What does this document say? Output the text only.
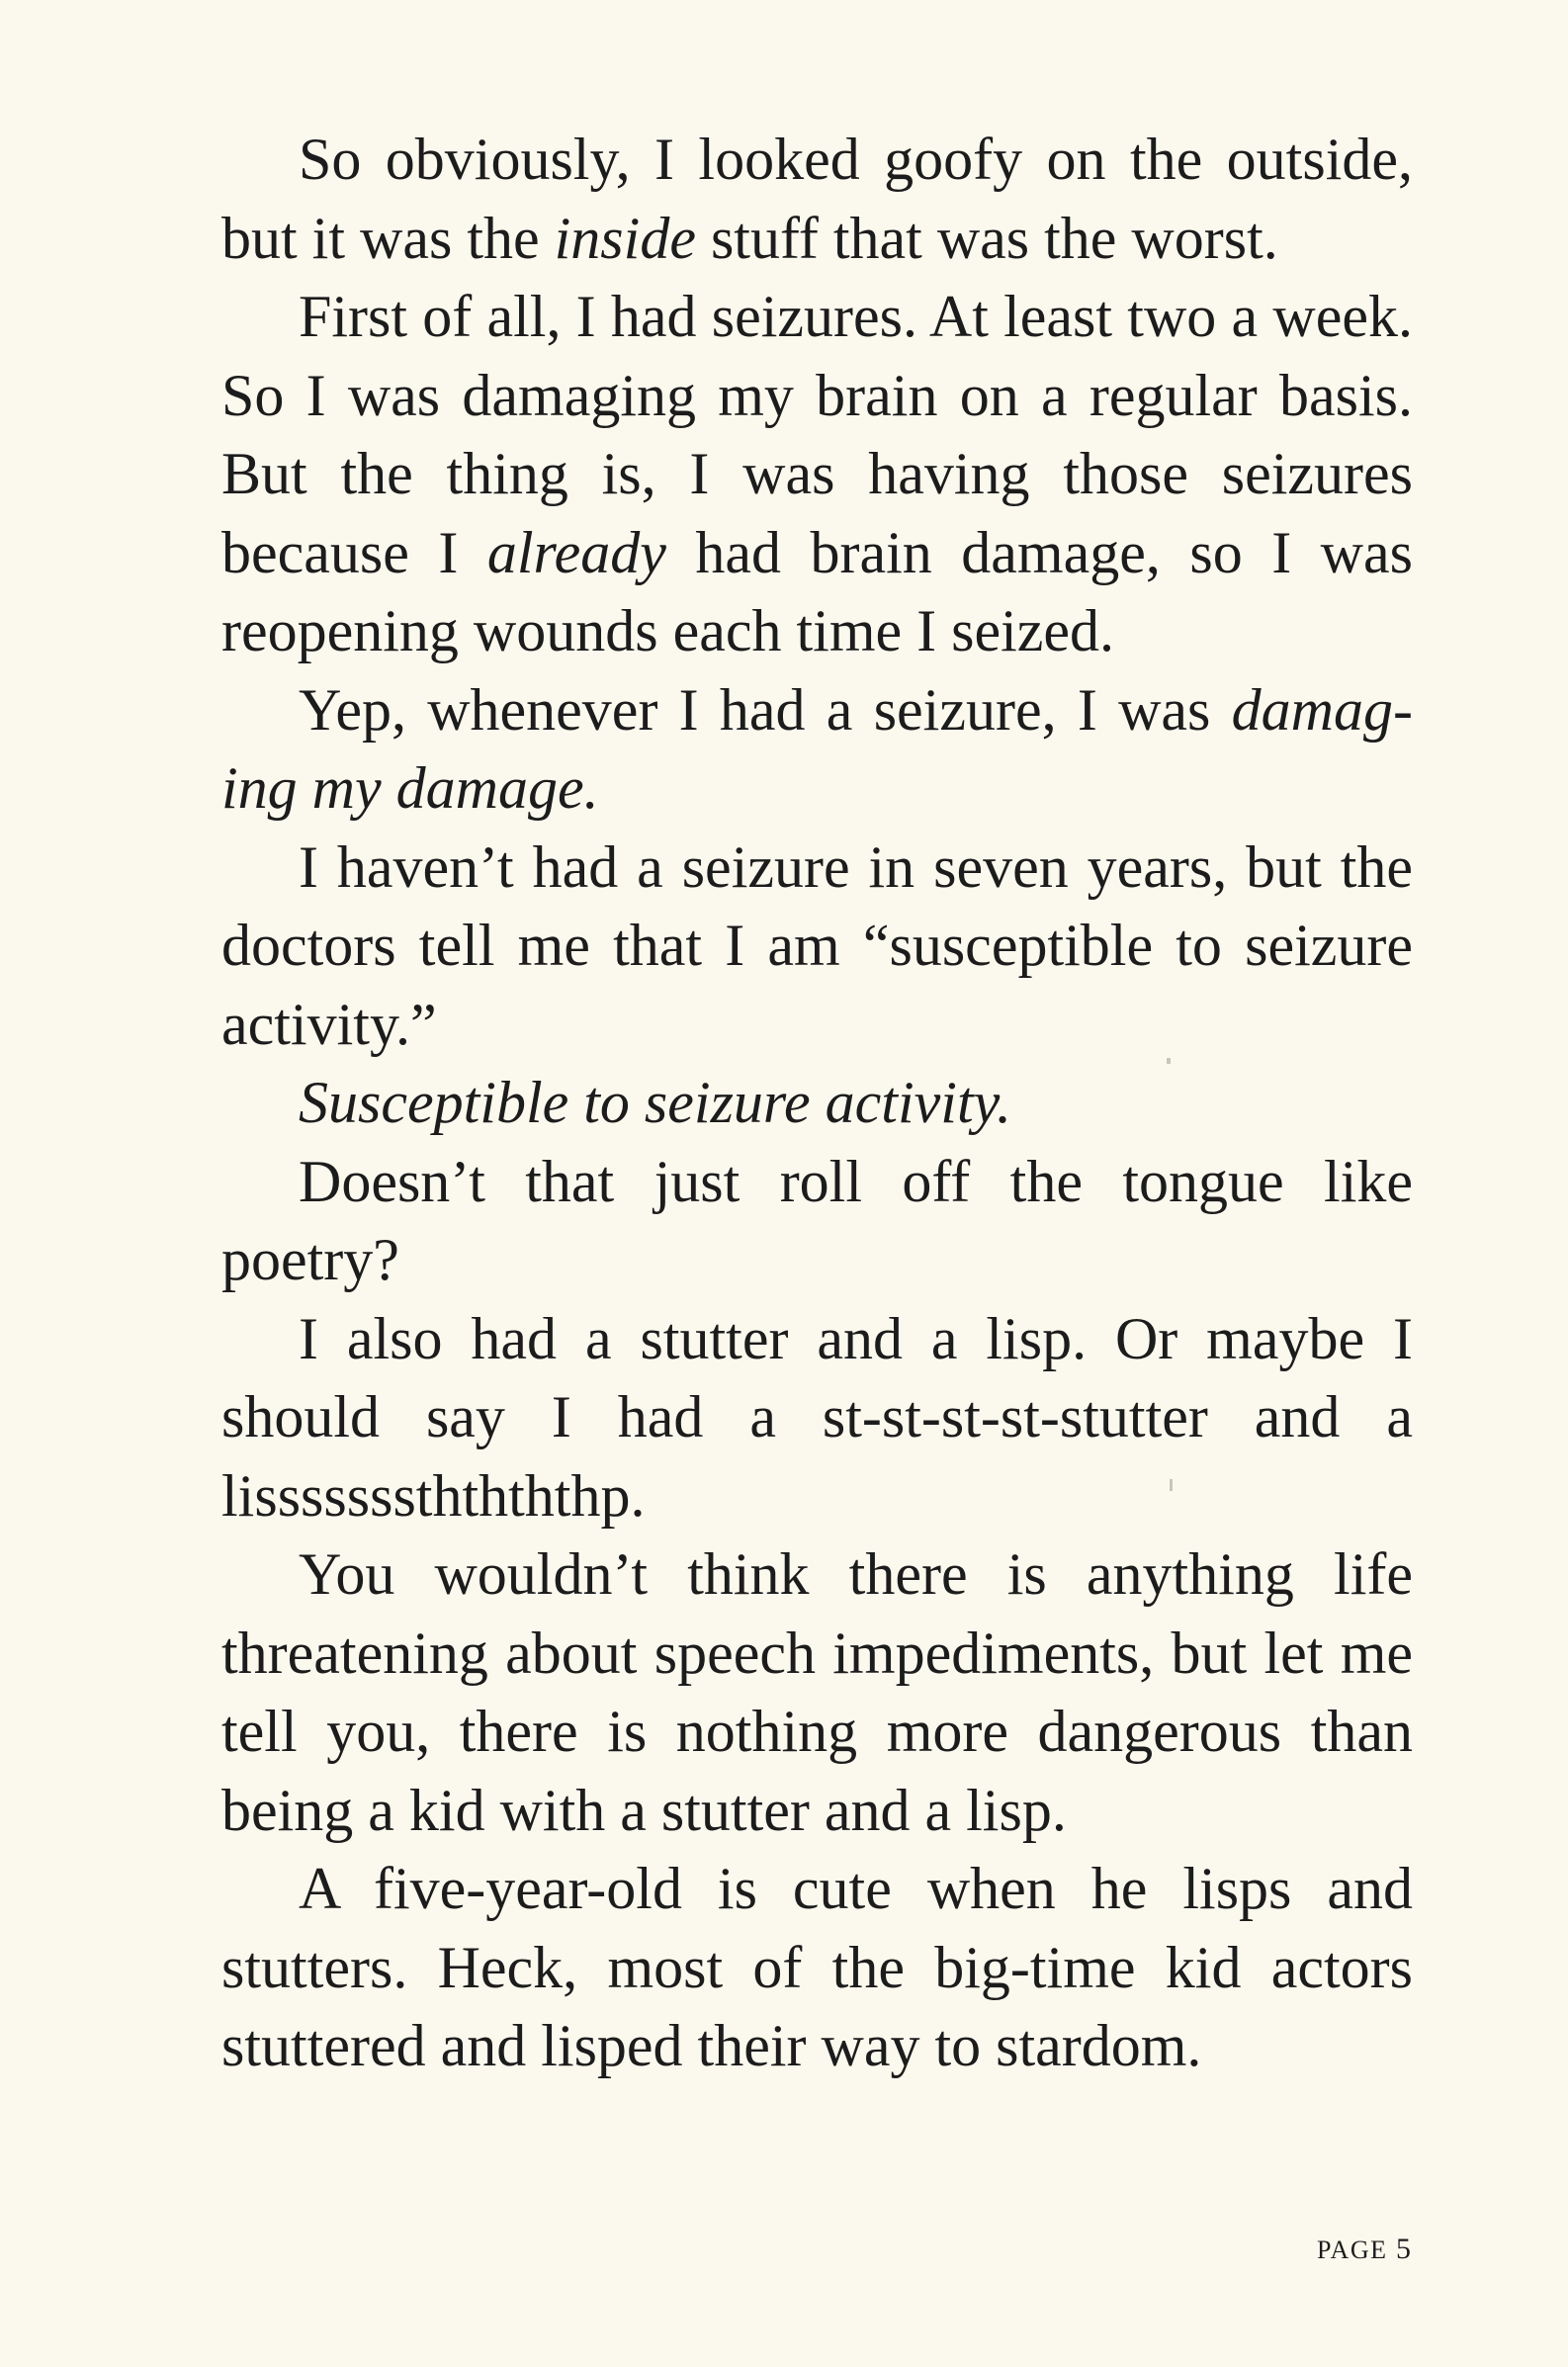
So obviously, I looked goofy on the outside, but it was the inside stuff that was the worst.

First of all, I had seizures. At least two a week. So I was damaging my brain on a regular basis. But the thing is, I was having those seizures because I already had brain damage, so I was reopening wounds each time I seized.

Yep, whenever I had a seizure, I was damaging my damage.

I haven’t had a seizure in seven years, but the doctors tell me that I am “susceptible to seizure activity.”

Susceptible to seizure activity.

Doesn’t that just roll off the tongue like poetry?

I also had a stutter and a lisp. Or maybe I should say I had a st-st-st-st-stutter and a lisssssssththththp.

You wouldn’t think there is anything life threatening about speech impediments, but let me tell you, there is nothing more dangerous than being a kid with a stutter and a lisp.

A five-year-old is cute when he lisps and stutters. Heck, most of the big-time kid actors stuttered and lisped their way to stardom.

PAGE 5
